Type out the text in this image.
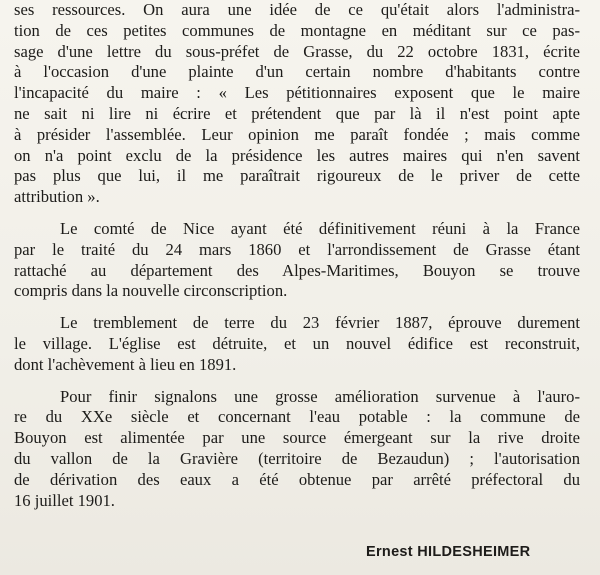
ses ressources. On aura une idée de ce qu'était alors l'administra-
tion de ces petites communes de montagne en méditant sur ce pas-
sage d'une lettre du sous-préfet de Grasse, du 22 octobre 1831, écrite
à l'occasion d'une plainte d'un certain nombre d'habitants contre
l'incapacité du maire : « Les pétitionnaires exposent que le maire
ne sait ni lire ni écrire et prétendent que par là il n'est point apte
à présider l'assemblée. Leur opinion me paraît fondée ; mais comme
on n'a point exclu de la présidence les autres maires qui n'en savent
pas plus que lui, il me paraîtrait rigoureux de le priver de cette
attribution ».
Le comté de Nice ayant été définitivement réuni à la France
par le traité du 24 mars 1860 et l'arrondissement de Grasse étant
rattaché au département des Alpes-Maritimes, Bouyon se trouve
compris dans la nouvelle circonscription.
Le tremblement de terre du 23 février 1887, éprouve durement
le village. L'église est détruite, et un nouvel édifice est reconstruit,
dont l'achèvement à lieu en 1891.
Pour finir signalons une grosse amélioration survenue à l'auro-
re du XXe siècle et concernant l'eau potable : la commune de
Bouyon est alimentée par une source émergeant sur la rive droite
du vallon de la Gravière (territoire de Bezaudun) ; l'autorisation
de dérivation des eaux a été obtenue par arrêté préfectoral du
16 juillet 1901.
Ernest HILDESHEIMER
